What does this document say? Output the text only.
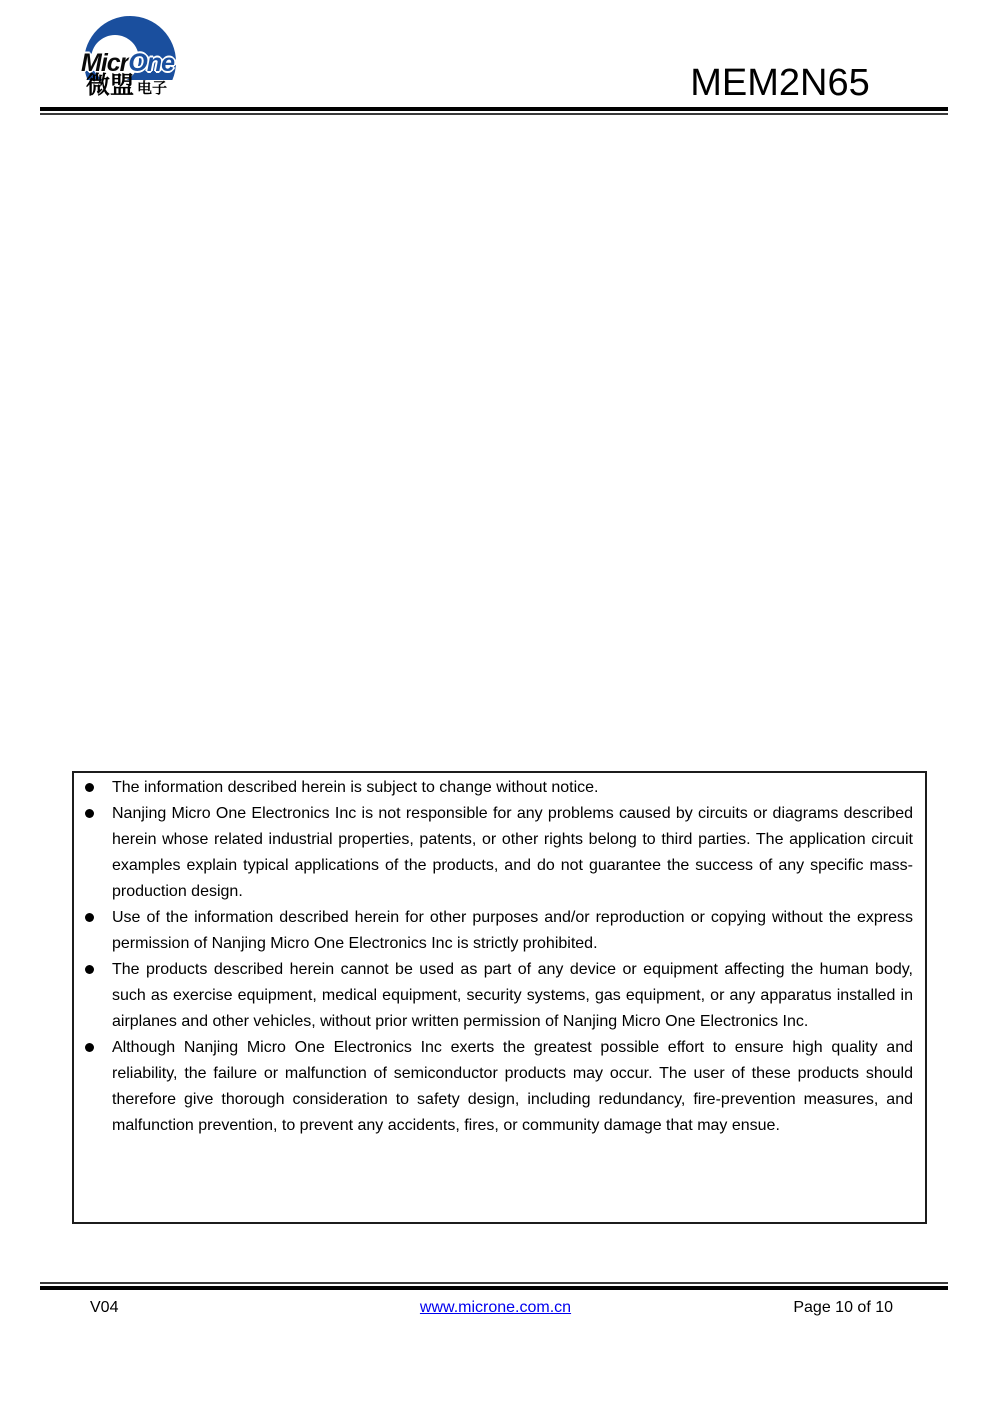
MicrOne
微盟 电子	MEM2N65
The information described herein is subject to change without notice.
Nanjing Micro One Electronics Inc is not responsible for any problems caused by circuits or diagrams described herein whose related industrial properties, patents, or other rights belong to third parties. The application circuit examples explain typical applications of the products, and do not guarantee the success of any specific mass-production design.
Use of the information described herein for other purposes and/or reproduction or copying without the express permission of Nanjing Micro One Electronics Inc is strictly prohibited.
The products described herein cannot be used as part of any device or equipment affecting the human body, such as exercise equipment, medical equipment, security systems, gas equipment, or any apparatus installed in airplanes and other vehicles, without prior written permission of Nanjing Micro One Electronics Inc.
Although Nanjing Micro One Electronics Inc exerts the greatest possible effort to ensure high quality and reliability, the failure or malfunction of semiconductor products may occur. The user of these products should therefore give thorough consideration to safety design, including redundancy, fire-prevention measures, and malfunction prevention, to prevent any accidents, fires, or community damage that may ensue.
V04	www.microne.com.cn	Page 10 of 10
